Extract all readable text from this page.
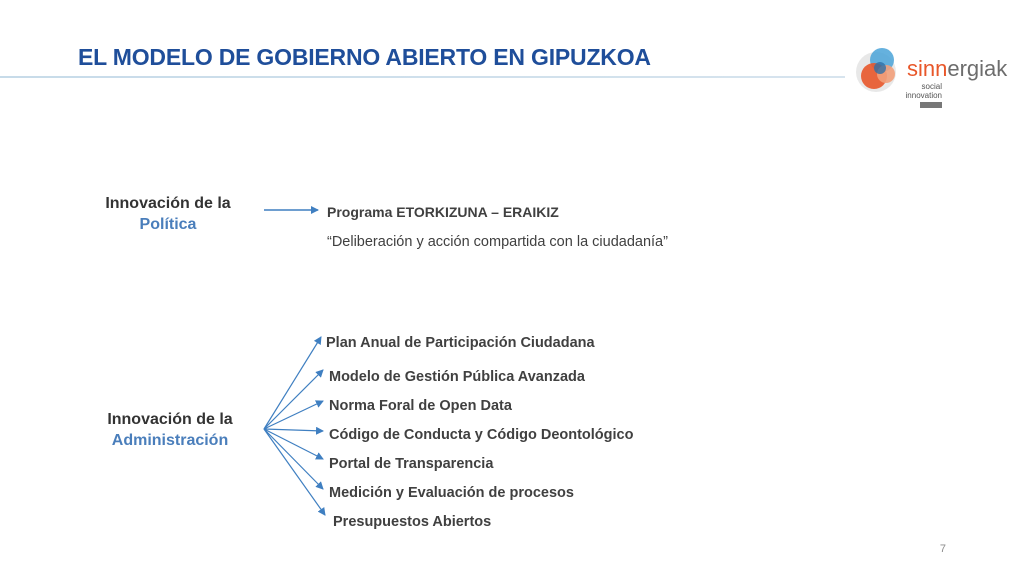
EL MODELO DE GOBIERNO ABIERTO EN GIPUZKOA	sinnergiak
social
innovation
Innovación de la
Política
Programa ETORKIZUNA – ERAIKIZ
“Deliberación y acción compartida con la ciudadanía”
Innovación de la
Administración
Plan Anual de Participación Ciudadana
Modelo de Gestión Pública Avanzada
Norma Foral de Open Data
Código de Conducta y Código Deontológico
Portal de Transparencia
Medición y Evaluación de procesos
Presupuestos Abiertos
7
